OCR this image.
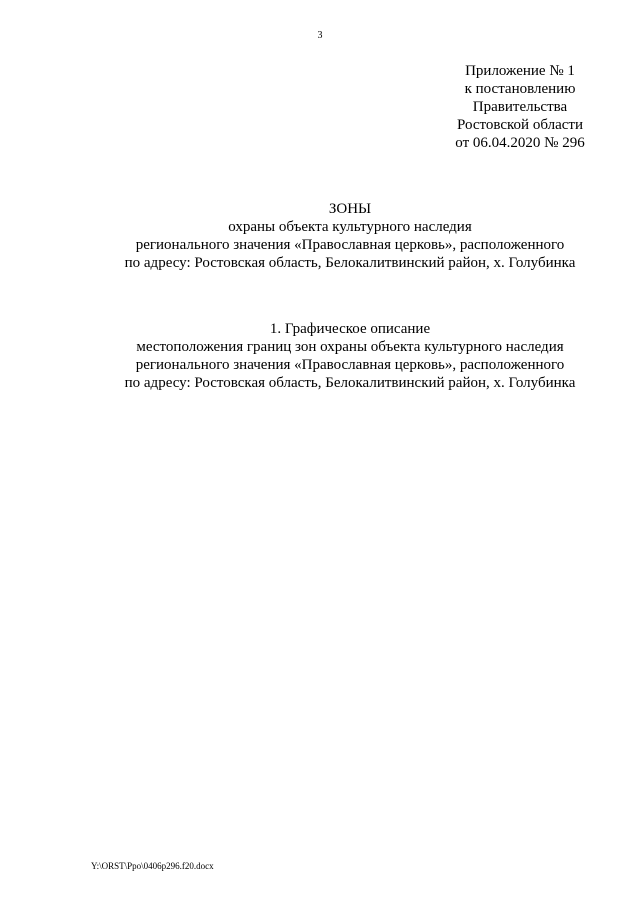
3
Приложение № 1
к постановлению
Правительства
Ростовской области
от 06.04.2020 № 296
ЗОНЫ
охраны объекта культурного наследия
регионального значения «Православная церковь», расположенного
по адресу: Ростовская область, Белокалитвинский район, х. Голубинка
1. Графическое описание
местоположения границ зон охраны объекта культурного наследия
регионального значения «Православная церковь», расположенного
по адресу: Ростовская область, Белокалитвинский район, х. Голубинка
Y:\ORST\Ppo\0406p296.f20.docx
